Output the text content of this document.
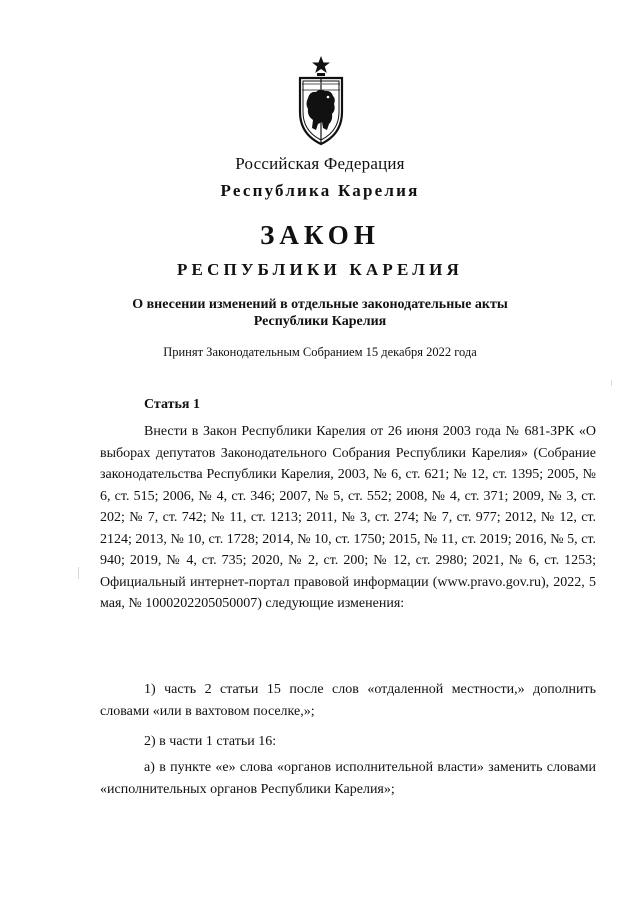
Российская Федерация
Республика Карелия
ЗАКОН
РЕСПУБЛИКИ КАРЕЛИЯ
О внесении изменений в отдельные законодательные акты
Республики Карелия
Принят Законодательным Собранием 15 декабря 2022 года
Статья 1

Внести в Закон Республики Карелия от 26 июня 2003 года № 681-ЗРК «О выборах депутатов Законодательного Собрания Республики Карелия» (Собрание законодательства Республики Карелия, 2003, № 6, ст. 621; № 12, ст. 1395; 2005, № 6, ст. 515; 2006, № 4, ст. 346; 2007, № 5, ст. 552; 2008, № 4, ст. 371; 2009, № 3, ст. 202; № 7, ст. 742; № 11, ст. 1213; 2011, № 3, ст. 274; № 7, ст. 977; 2012, № 12, ст. 2124; 2013, № 10, ст. 1728; 2014, № 10, ст. 1750; 2015, № 11, ст. 2019; 2016, № 5, ст. 940; 2019, № 4, ст. 735; 2020, № 2, ст. 200; № 12, ст. 2980; 2021, № 6, ст. 1253; Официальный интернет-портал правовой информации (www.pravo.gov.ru), 2022, 5 мая, № 1000202205050007) следующие изменения:

1) часть 2 статьи 15 после слов «отдаленной местности,» дополнить словами «или в вахтовом поселке,»;

2) в части 1 статьи 16:

а) в пункте «е» слова «органов исполнительной власти» заменить словами «исполнительных органов Республики Карелия»;
